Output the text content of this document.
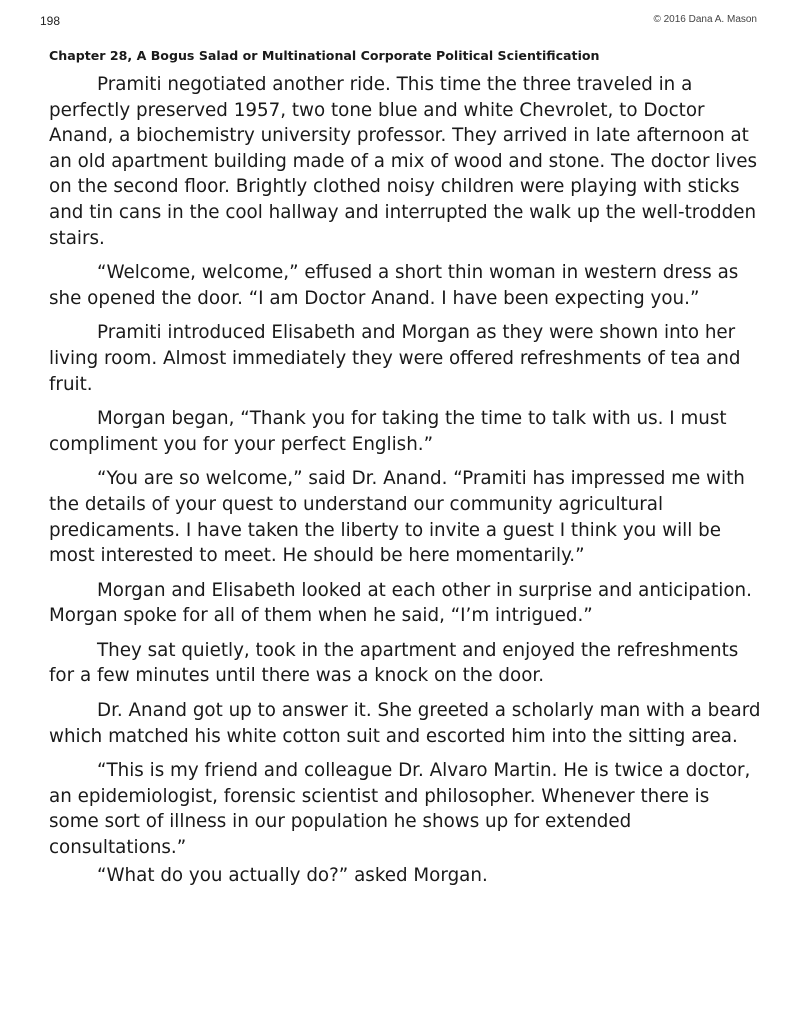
198	© 2016 Dana A. Mason
Chapter 28, A Bogus Salad or Multinational Corporate Political Scientification

Pramiti negotiated another ride. This time the three traveled in a perfectly preserved 1957, two tone blue and white Chevrolet, to Doctor Anand, a biochemistry university professor. They arrived in late afternoon at an old apartment building made of a mix of wood and stone. The doctor lives on the second floor. Brightly clothed noisy children were playing with sticks and tin cans in the cool hallway and interrupted the walk up the well-trodden stairs.

“Welcome, welcome,” effused a short thin woman in western dress as she opened the door. “I am Doctor Anand. I have been expecting you.”

Pramiti introduced Elisabeth and Morgan as they were shown into her living room. Almost immediately they were offered refreshments of tea and fruit.

Morgan began, “Thank you for taking the time to talk with us. I must compliment you for your perfect English.”

“You are so welcome,” said Dr. Anand. “Pramiti has impressed me with the details of your quest to understand our community agricultural predicaments. I have taken the liberty to invite a guest I think you will be most interested to meet. He should be here momentarily.”

Morgan and Elisabeth looked at each other in surprise and anticipation. Morgan spoke for all of them when he said, “I’m intrigued.”

They sat quietly, took in the apartment and enjoyed the refreshments for a few minutes until there was a knock on the door.

Dr. Anand got up to answer it. She greeted a scholarly man with a beard which matched his white cotton suit and escorted him into the sitting area.

“This is my friend and colleague Dr. Alvaro Martin. He is twice a doctor, an epidemiologist, forensic scientist and philosopher. Whenever there is some sort of illness in our population he shows up for extended consultations.”

“What do you actually do?” asked Morgan.
